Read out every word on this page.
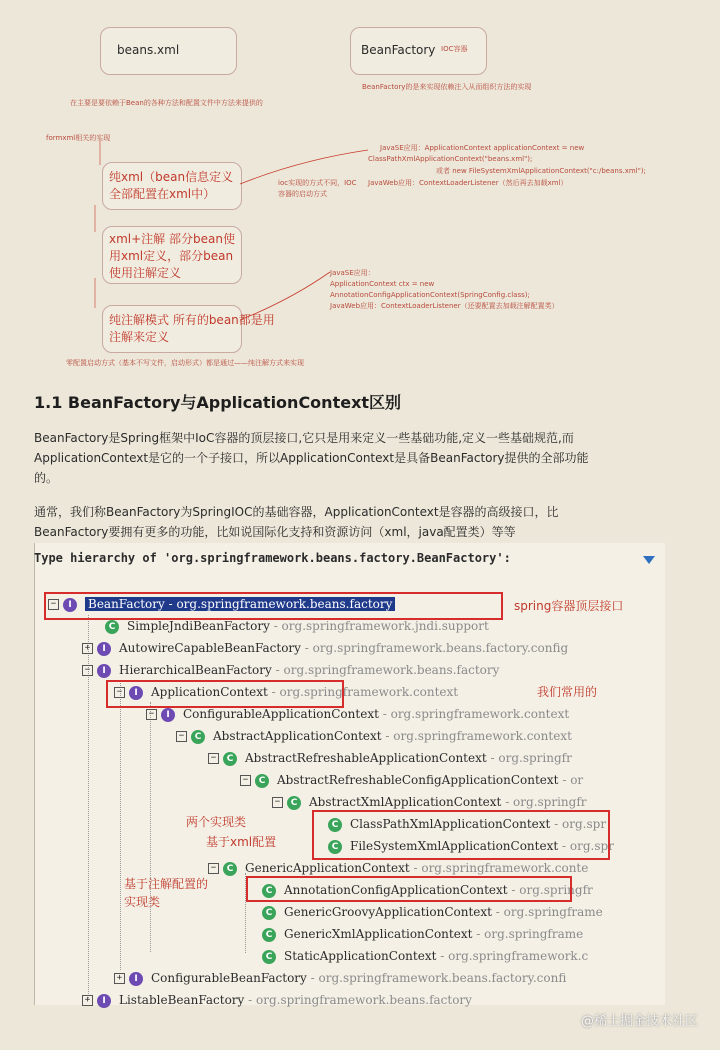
beans.xml	BeanFactory IOC容器
在主要是要依赖于Bean的各种方法和配置文件中方法来提供的
BeanFactory的是来实现依赖注入从而组织方法的实现
formxml相关的实现
纯xml（bean信息定义全部配置在xml中）
ioc实现的方式不同，IOC容器的启动方式
JavaSE应用：ApplicationContext applicationContext = new
ClassPathXmlApplicationContext("beans.xml");
或者 new FileSystemXmlApplicationContext("c:/beans.xml");
JavaWeb应用：ContextLoaderListener（然后再去加载xml）
xml+注解 部分bean使用xml定义，部分bean使用注解定义	JavaSE应用：
ApplicationContext ctx = new
AnnotationConfigApplicationContext(SpringConfig.class);
JavaWeb应用：ContextLoaderListener（还要配置去加载注解配置类）
纯注解模式 所有的bean都是用注解来定义
零配置启动方式（基本不写文件，启动形式）都是通过——纯注解方式来实现
1.1 BeanFactory与ApplicationContext区别
BeanFactory是Spring框架中IoC容器的顶层接口,它只是用来定义一些基础功能,定义一些基础规范,而
ApplicationContext是它的一个子接口，所以ApplicationContext是具备BeanFactory提供的全部功能
的。
通常，我们称BeanFactory为SpringIOC的基础容器，ApplicationContext是容器的高级接口，比
BeanFactory要拥有更多的功能，比如说国际化支持和资源访问（xml，java配置类）等等
Type hierarchy of 'org.springframework.beans.factory.BeanFactory':
− I BeanFactory - org.springframework.beans.factory
C SimpleJndiBeanFactory - org.springframework.jndi.support
+ I AutowireCapableBeanFactory - org.springframework.beans.factory.config
− I HierarchicalBeanFactory - org.springframework.beans.factory
− I ApplicationContext - org.springframework.context
− I ConfigurableApplicationContext - org.springframework.context
− C AbstractApplicationContext - org.springframework.context
− C AbstractRefreshableApplicationContext - org.springfr
− C AbstractRefreshableConfigApplicationContext - or
− C AbstractXmlApplicationContext - org.springfr
C ClassPathXmlApplicationContext - org.spr
C FileSystemXmlApplicationContext - org.spr
− C GenericApplicationContext - org.springframework.conte
C AnnotationConfigApplicationContext - org.springfr
C GenericGroovyApplicationContext - org.springframe
C GenericXmlApplicationContext - org.springframe
C StaticApplicationContext - org.springframework.c
+ I ConfigurableBeanFactory - org.springframework.beans.factory.confi
+ I ListableBeanFactory - org.springframework.beans.factory
spring容器顶层接口
我们常用的
两个实现类
基于xml配置
基于注解配置的
实现类
@稀土掘金技术社区
